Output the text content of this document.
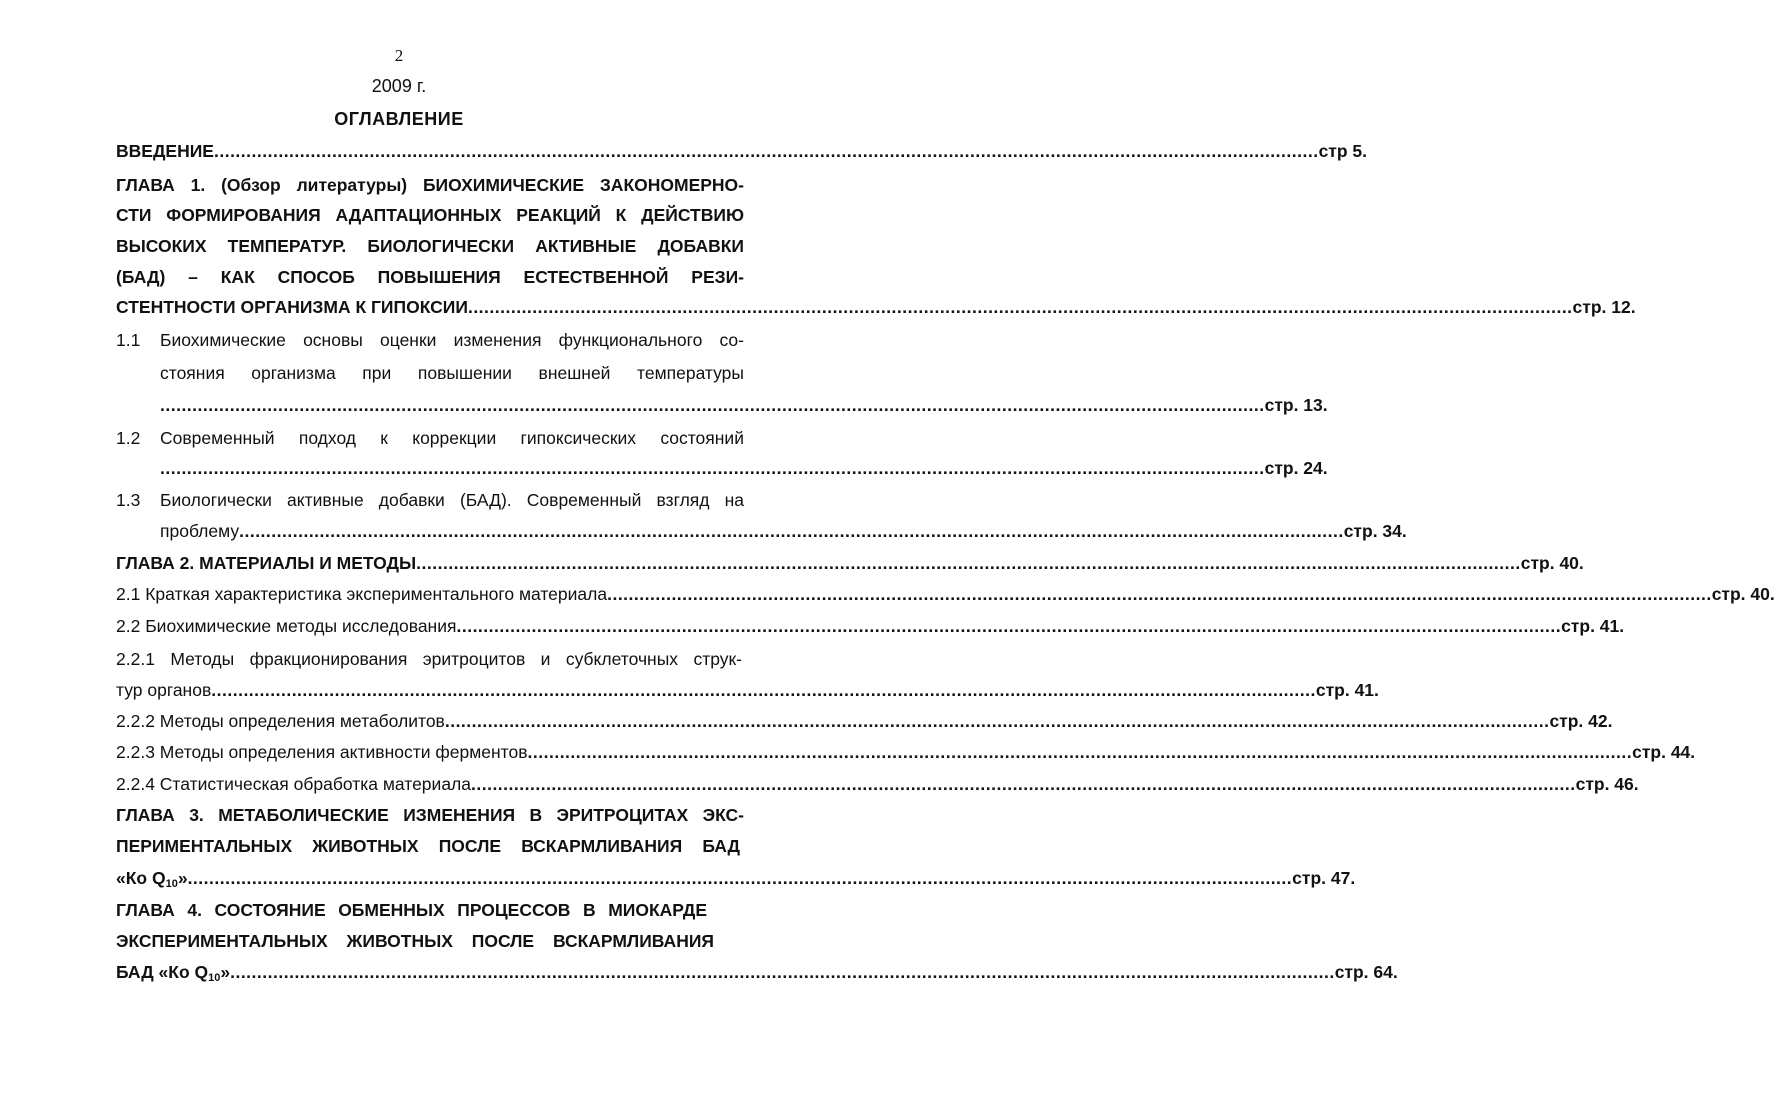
2
2009 г.
ОГЛАВЛЕНИЕ
ВВЕДЕНИЕ .............................................................................................................................................................................................................. стр 5.
ГЛАВА 1. (Обзор литературы) БИОХИМИЧЕСКИЕ ЗАКОНОМЕРНО-
СТИ ФОРМИРОВАНИЯ АДАПТАЦИОННЫХ РЕАКЦИЙ К ДЕЙСТВИЮ
ВЫСОКИХ ТЕМПЕРАТУР. БИОЛОГИЧЕСКИ АКТИВНЫЕ ДОБАВКИ
(БАД) – КАК СПОСОБ ПОВЫШЕНИЯ ЕСТЕСТВЕННОЙ РЕЗИ-
СТЕНТНОСТИ ОРГАНИЗМА К ГИПОКСИИ .............................................................................................................................................................................................................. стр. 12.
1.1 Биохимические основы оценки изменения функционального со-
стояния организма при повышении внешней температуры
.............................................................................................................................................................................................................. стр. 13.
1.2 Современный подход к коррекции гипоксических состояний
.............................................................................................................................................................................................................. стр. 24.
1.3 Биологически активные добавки (БАД). Современный взгляд на
проблему .............................................................................................................................................................................................................. стр. 34.
ГЛАВА 2. МАТЕРИАЛЫ И МЕТОДЫ .............................................................................................................................................................................................................. стр. 40.
2.1 Краткая характеристика экспериментального материала .............................................................................................................................................................................................................. стр. 40.
2.2 Биохимические методы исследования .............................................................................................................................................................................................................. стр. 41.
2.2.1 Методы фракционирования эритроцитов и субклеточных струк-
тур органов .............................................................................................................................................................................................................. стр. 41.
2.2.2 Методы определения метаболитов .............................................................................................................................................................................................................. стр. 42.
2.2.3 Методы определения активности ферментов .............................................................................................................................................................................................................. стр. 44.
2.2.4 Статистическая обработка материала .............................................................................................................................................................................................................. стр. 46.
ГЛАВА 3. МЕТАБОЛИЧЕСКИЕ ИЗМЕНЕНИЯ В ЭРИТРОЦИТАХ ЭКС-
ПЕРИМЕНТАЛЬНЫХ ЖИВОТНЫХ ПОСЛЕ ВСКАРМЛИВАНИЯ БАД
«Ко $Q_{10}$» .............................................................................................................................................................................................................. стр. 47.
ГЛАВА 4. СОСТОЯНИЕ ОБМЕННЫХ ПРОЦЕССОВ В МИОКАРДЕ
ЭКСПЕРИМЕНТАЛЬНЫХ ЖИВОТНЫХ ПОСЛЕ ВСКАРМЛИВАНИЯ
БАД «Ко $Q_{10}$» .............................................................................................................................................................................................................. стр. 64.
